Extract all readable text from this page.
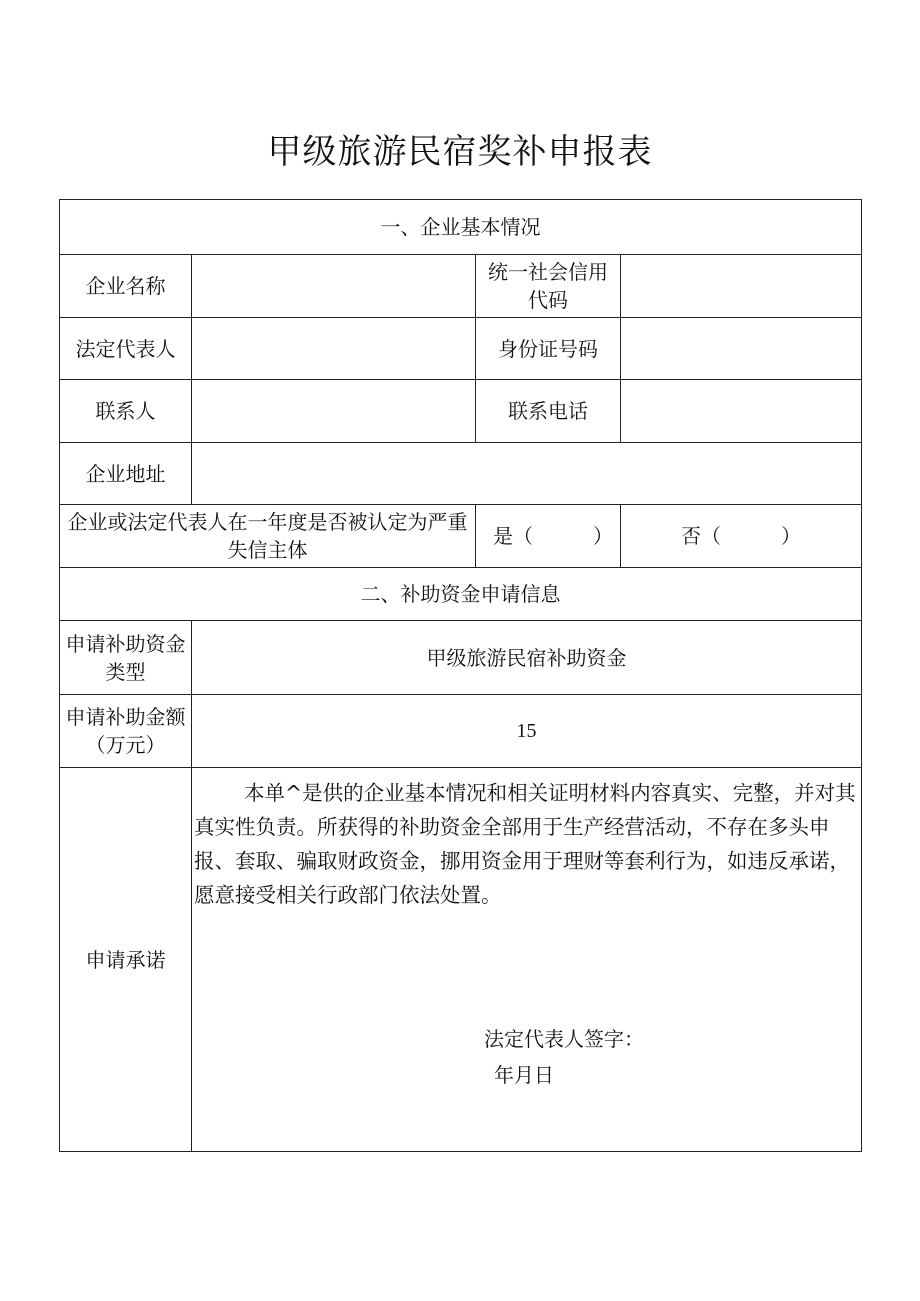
甲级旅游民宿奖补申报表
一、企业基本情况			
企业名称		统一社会信用代码	

法定代表人		身份证号码	
联系人		联系电话	
企业地址			
企业或法定代表人在一年度是否被认定为严重失信主体		是（　　　）	否（　　　）
二、补助资金申请信息			
申请补助资金类型	甲级旅游民宿补助资金		
申请补助金额（万元）	15		
申请承诺	本单^是供的企业基本情况和相关证明材料内容真实、完整，并对其真实性负责。所获得的补助资金全部用于生产经营活动，不存在多头申报、套取、骗取财政资金，挪用资金用于理财等套利行为，如违反承诺，愿意接受相关行政部门依法处置。
法定代表人签字：
年月日		
